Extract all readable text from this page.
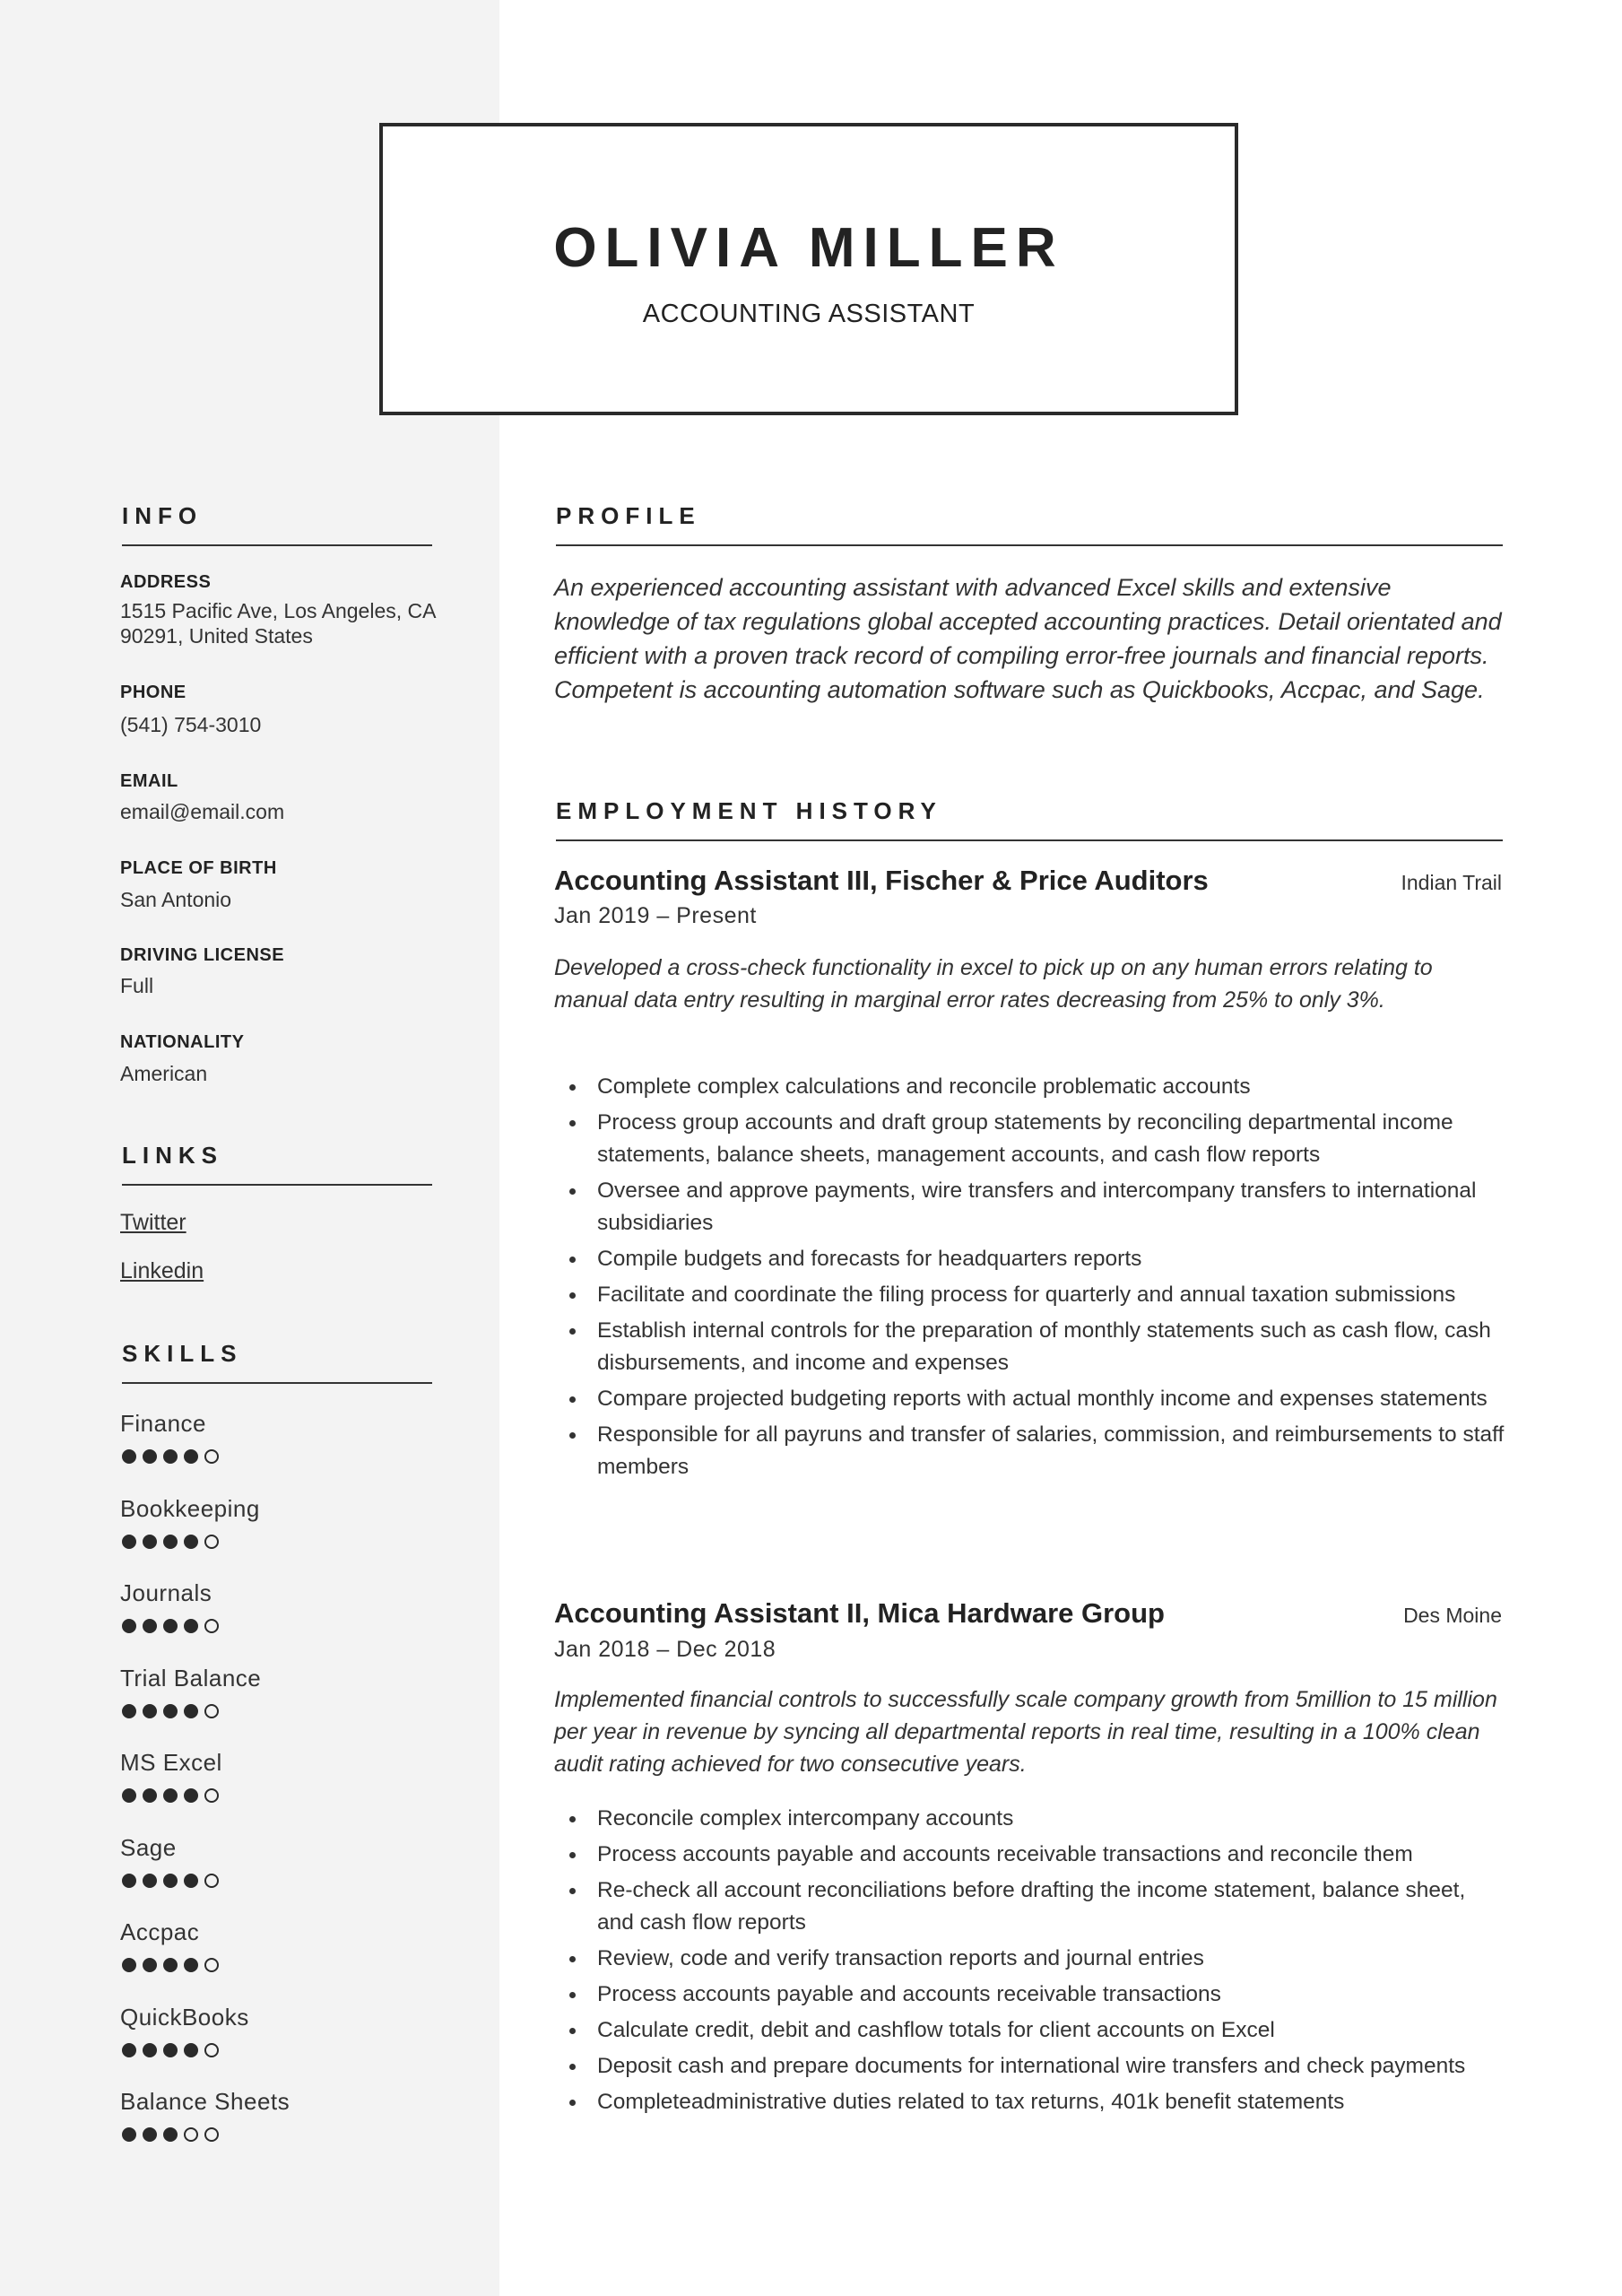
OLIVIA MILLER
ACCOUNTING ASSISTANT
INFO
ADDRESS
1515 Pacific Ave, Los Angeles, CA 90291, United States
PHONE
(541) 754-3010
EMAIL
email@email.com
PLACE OF BIRTH
San Antonio
DRIVING LICENSE
Full
NATIONALITY
American
LINKS
Twitter
Linkedin
SKILLS
Finance
Bookkeeping
Journals
Trial Balance
MS Excel
Sage
Accpac
QuickBooks
Balance Sheets
PROFILE
An experienced accounting assistant with advanced Excel skills and extensive knowledge of tax regulations global accepted accounting practices. Detail orientated and efficient with a proven track record of compiling error-free journals and financial reports. Competent is accounting automation software such as Quickbooks, Accpac, and Sage.
EMPLOYMENT HISTORY
Accounting Assistant III, Fischer & Price Auditors	Indian Trail
Jan 2019 – Present
Developed a cross-check functionality in excel to pick up on any human errors relating to manual data entry resulting in marginal error rates decreasing from 25% to only 3%.
Complete complex calculations and reconcile problematic accounts
Process group accounts and draft group statements by reconciling departmental income statements, balance sheets, management accounts, and cash flow reports
Oversee and approve payments, wire transfers and intercompany transfers to international subsidiaries
Compile budgets and forecasts for headquarters reports
Facilitate and coordinate the filing process for quarterly and annual taxation submissions
Establish internal controls for the preparation of monthly statements such as cash flow, cash disbursements, and income and expenses
Compare projected budgeting reports with actual monthly income and expenses statements
Responsible for all payruns and transfer of salaries, commission, and reimbursements to staff members
Accounting Assistant II, Mica Hardware Group	Des Moine
Jan 2018 – Dec 2018
Implemented financial controls to successfully scale company growth from 5million to 15 million per year in revenue by syncing all departmental reports in real time, resulting in a 100% clean audit rating achieved for two consecutive years.
Reconcile complex intercompany accounts
Process accounts payable and accounts receivable transactions and reconcile them
Re-check all account reconciliations before drafting the income statement, balance sheet, and cash flow reports
Review, code and verify transaction reports and journal entries
Process accounts payable and accounts receivable transactions
Calculate credit, debit and cashflow totals for client accounts on Excel
Deposit cash and prepare documents for international wire transfers and check payments
Completeadministrative duties related to tax returns, 401k benefit statements
